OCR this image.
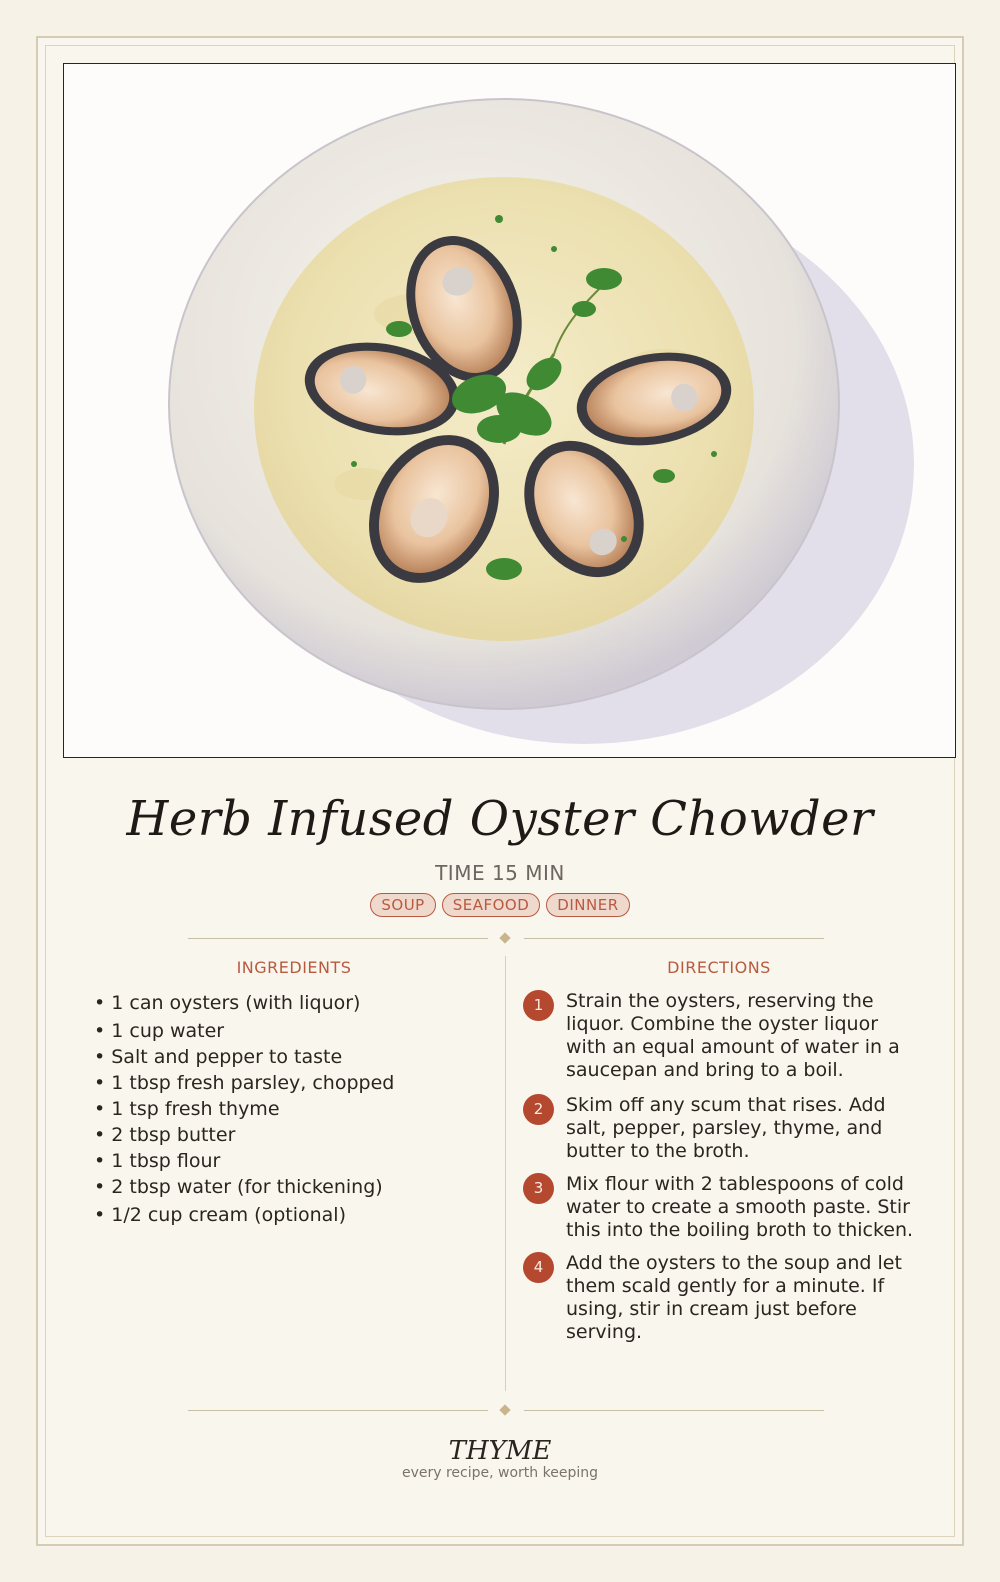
Herb Infused Oyster Chowder
TIME 15 MIN
SOUP SEAFOOD DINNER
INGREDIENTS
• 1 can oysters (with liquor)
• 1 cup water
• Salt and pepper to taste
• 1 tbsp fresh parsley, chopped
• 1 tsp fresh thyme
• 2 tbsp butter
• 1 tbsp flour
• 2 tbsp water (for thickening)
• 1/2 cup cream (optional)
DIRECTIONS
1	Strain the oysters, reserving the liquor. Combine the oyster liquor with an equal amount of water in a saucepan and bring to a boil.
2	Skim off any scum that rises. Add salt, pepper, parsley, thyme, and butter to the broth.
3	Mix flour with 2 tablespoons of cold water to create a smooth paste. Stir this into the boiling broth to thicken.
4	Add the oysters to the soup and let them scald gently for a minute. If using, stir in cream just before serving.
THYME
every recipe, worth keeping
